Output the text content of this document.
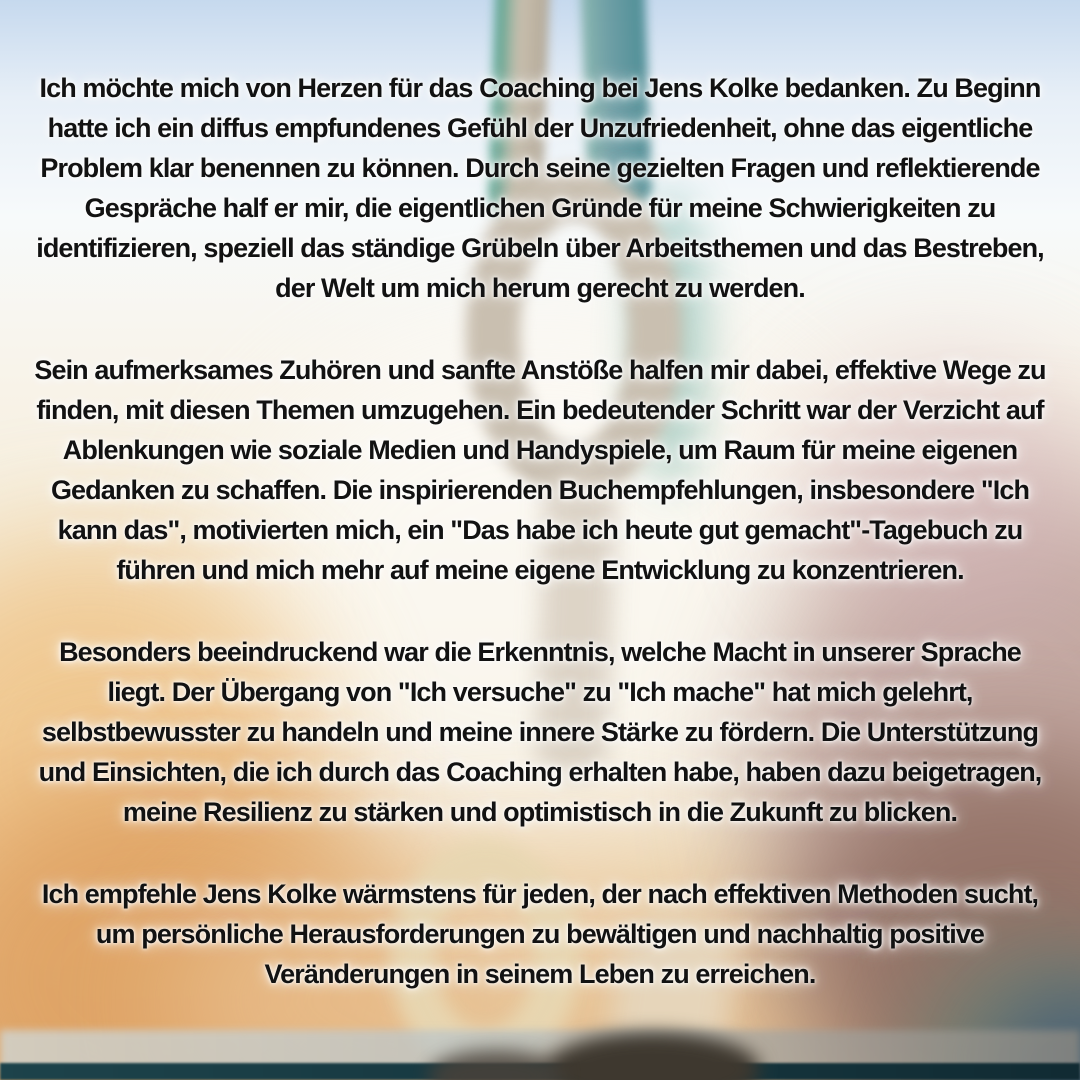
Ich möchte mich von Herzen für das Coaching bei Jens Kolke bedanken. Zu Beginn hatte ich ein diffus empfundenes Gefühl der Unzufriedenheit, ohne das eigentliche Problem klar benennen zu können. Durch seine gezielten Fragen und reflektierende Gespräche half er mir, die eigentlichen Gründe für meine Schwierigkeiten zu identifizieren, speziell das ständige Grübeln über Arbeitsthemen und das Bestreben, der Welt um mich herum gerecht zu werden.

Sein aufmerksames Zuhören und sanfte Anstöße halfen mir dabei, effektive Wege zu finden, mit diesen Themen umzugehen. Ein bedeutender Schritt war der Verzicht auf Ablenkungen wie soziale Medien und Handyspiele, um Raum für meine eigenen Gedanken zu schaffen. Die inspirierenden Buchempfehlungen, insbesondere "Ich kann das", motivierten mich, ein "Das habe ich heute gut gemacht"-Tagebuch zu führen und mich mehr auf meine eigene Entwicklung zu konzentrieren.

Besonders beeindruckend war die Erkenntnis, welche Macht in unserer Sprache liegt. Der Übergang von "Ich versuche" zu "Ich mache" hat mich gelehrt, selbstbewusster zu handeln und meine innere Stärke zu fördern. Die Unterstützung und Einsichten, die ich durch das Coaching erhalten habe, haben dazu beigetragen, meine Resilienz zu stärken und optimistisch in die Zukunft zu blicken.

Ich empfehle Jens Kolke wärmstens für jeden, der nach effektiven Methoden sucht, um persönliche Herausforderungen zu bewältigen und nachhaltig positive Veränderungen in seinem Leben zu erreichen.
